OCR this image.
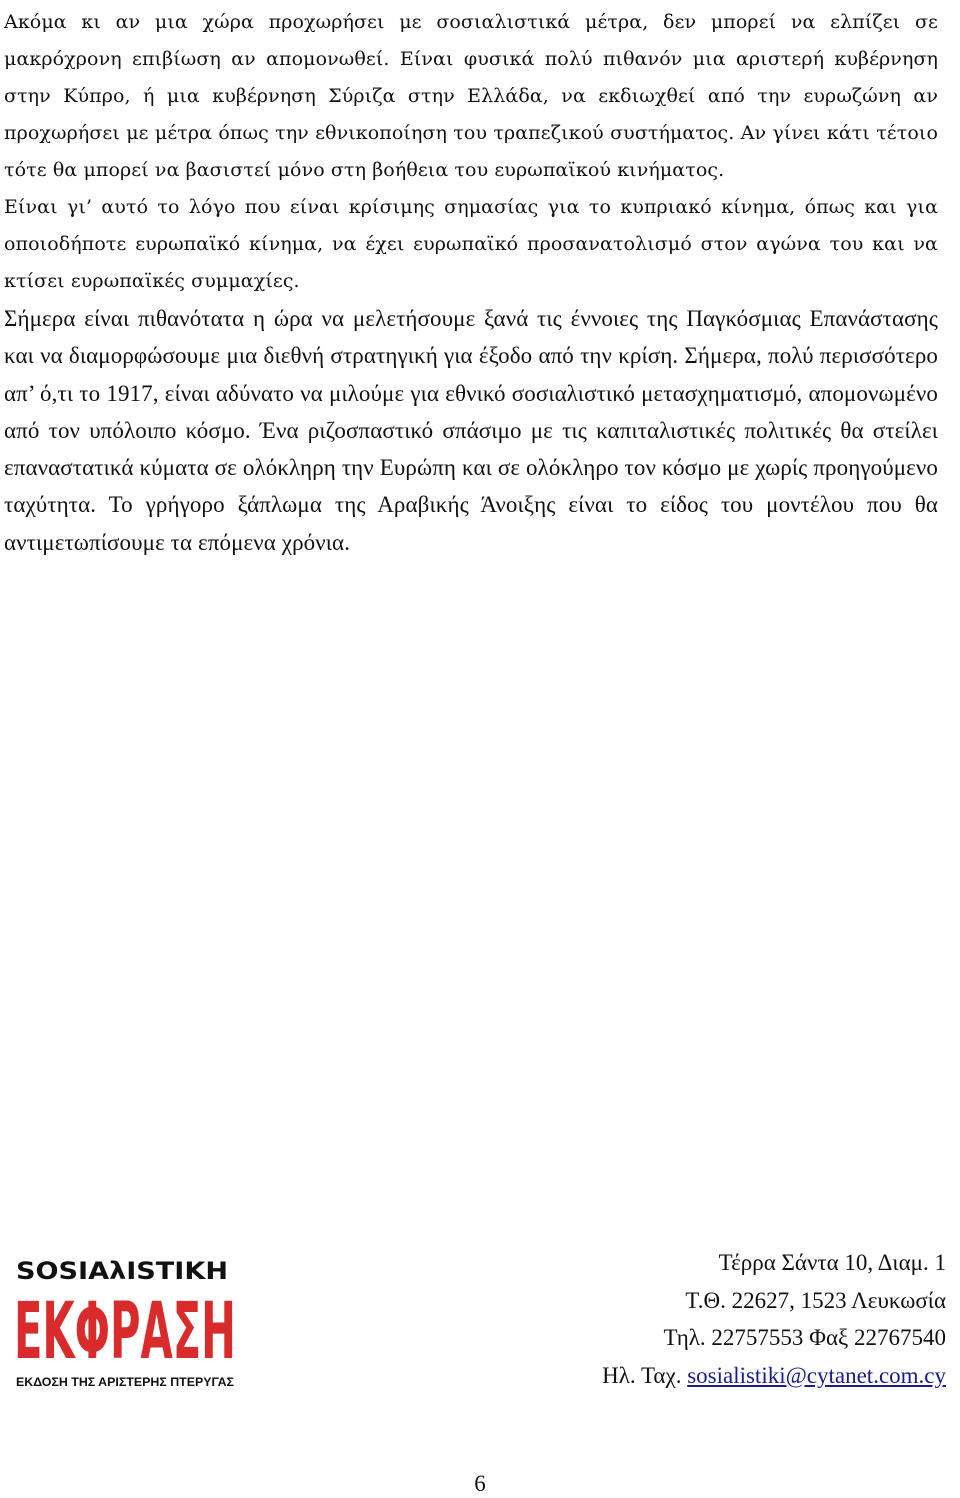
Ακόμα κι αν μια χώρα προχωρήσει με σοσιαλιστικά μέτρα, δεν μπορεί να ελπίζει σε μακρόχρονη επιβίωση αν απομονωθεί. Είναι φυσικά πολύ πιθανόν μια αριστερή κυβέρνηση στην Κύπρο, ή μια κυβέρνηση Σύριζα στην Ελλάδα, να εκδιωχθεί από την ευρωζώνη αν προχωρήσει με μέτρα όπως την εθνικοποίηση του τραπεζικού συστήματος. Αν γίνει κάτι τέτοιο τότε θα μπορεί να βασιστεί μόνο στη βοήθεια του ευρωπαϊκού κινήματος.

Είναι γι’ αυτό το λόγο που είναι κρίσιμης σημασίας για το κυπριακό κίνημα, όπως και για οποιοδήποτε ευρωπαϊκό κίνημα, να έχει ευρωπαϊκό προσανατολισμό στον αγώνα του και να κτίσει ευρωπαϊκές συμμαχίες.

Σήμερα είναι πιθανότατα η ώρα να μελετήσουμε ξανά τις έννοιες της Παγκόσμιας Επανάστασης και να διαμορφώσουμε μια διεθνή στρατηγική για έξοδο από την κρίση. Σήμερα, πολύ περισσότερο απ’ ό,τι το 1917, είναι αδύνατο να μιλούμε για εθνικό σοσιαλιστικό μετασχηματισμό, απομονωμένο από τον υπόλοιπο κόσμο. Ένα ριζοσπαστικό σπάσιμο με τις καπιταλιστικές πολιτικές θα στείλει επαναστατικά κύματα σε ολόκληρη την Ευρώπη και σε ολόκληρο τον κόσμο με χωρίς προηγούμενο ταχύτητα. Το γρήγορο ξάπλωμα της Αραβικής Άνοιξης είναι το είδος του μοντέλου που θα αντιμετωπίσουμε τα επόμενα χρόνια.

SOSIAλISTIKH
ΕΚΦΡΑΣΗ
ΕΚΔΟΣΗ ΤΗΣ ΑΡΙΣΤΕΡΗΣ ΠΤΕΡΥΓΑΣ
Τέρρα Σάντα 10, Διαμ. 1
Τ.Θ. 22627, 1523 Λευκωσία
Τηλ. 22757553 Φαξ 22767540
Ηλ. Ταχ. sosialistiki@cytanet.com.cy
6
